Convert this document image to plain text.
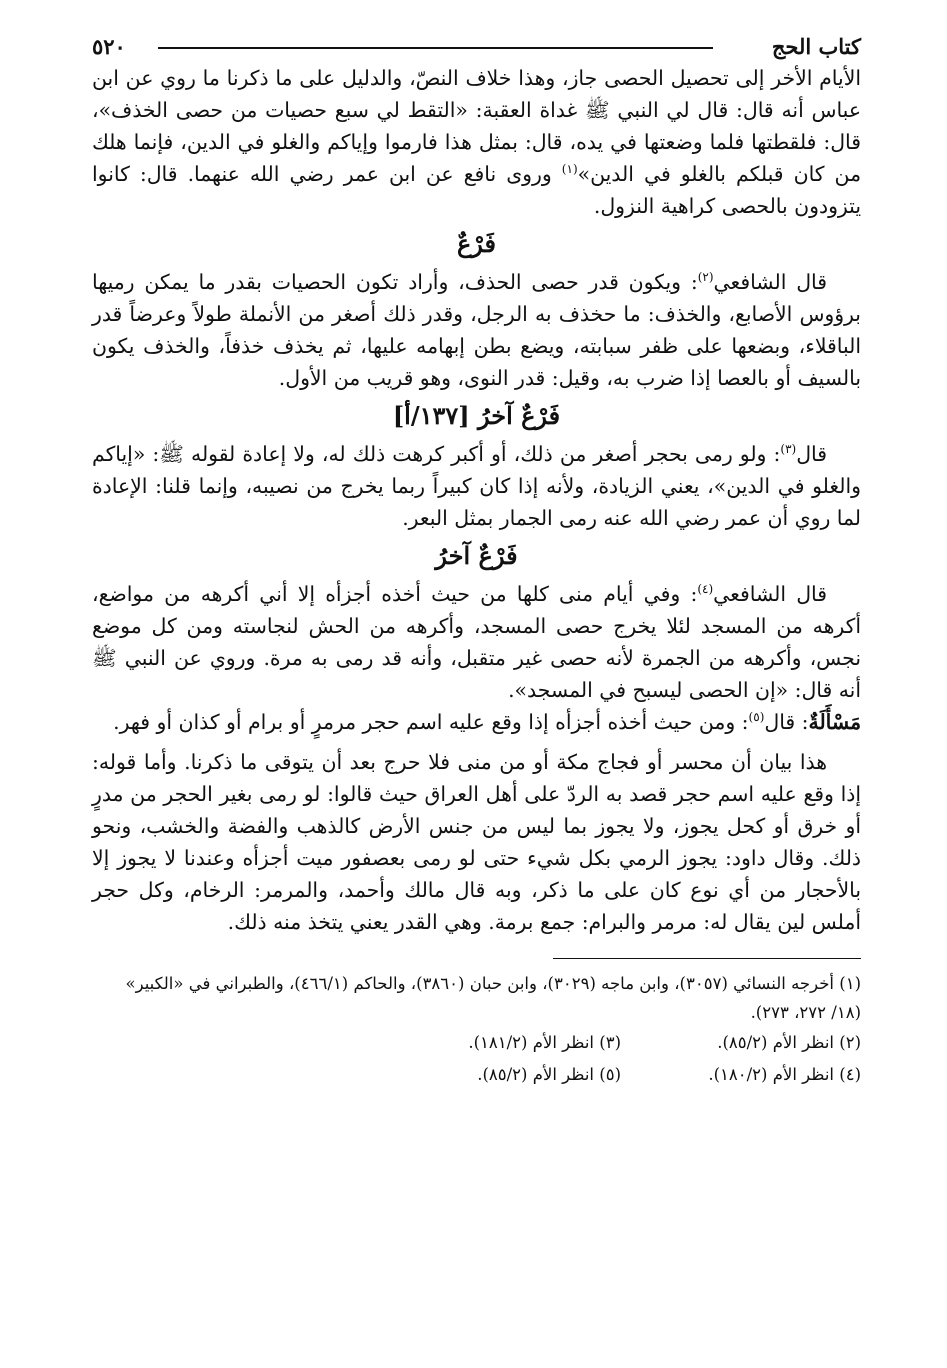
كتاب الحج
٥٢٠

الأيام الأخر إلى تحصيل الحصى جاز، وهذا خلاف النصّ، والدليل على ما ذكرنا ما روي عن ابن عباس أنه قال: قال لي النبي ﷺ غداة العقبة: «التقط لي سبع حصيات من حصى الخذف»، قال: فلقطتها فلما وضعتها في يده، قال: بمثل هذا فارموا وإياكم والغلو في الدين، فإنما هلك من كان قبلكم بالغلو في الدين»$^{(١)}$ وروى نافع عن ابن عمر رضي الله عنهما. قال: كانوا يتزودون بالحصى كراهية النزول.

فَرْعٌ

قال الشافعي$^{(٢)}$: ويكون قدر حصى الحذف، وأراد تكون الحصيات بقدر ما يمكن رميها برؤوس الأصابع، والخذف: ما حخذف به الرجل، وقدر ذلك أصغر من الأنملة طولاً وعرضاً قدر الباقلاء، وبضعها على ظفر سبابته، ويضع بطن إبهامه عليها، ثم يخذف خذفاً، والخذف يكون بالسيف أو بالعصا إذا ضرب به، وقيل: قدر النوى، وهو قريب من الأول.

فَرْعٌ آخرُ [١٣٧/أ]

قال$^{(٣)}$: ولو رمى بحجر أصغر من ذلك، أو أكبر كرهت ذلك له، ولا إعادة لقوله ﷺ: «إياكم والغلو في الدين»، يعني الزيادة، ولأنه إذا كان كبيراً ربما يخرج من نصيبه، وإنما قلنا: الإعادة لما روي أن عمر رضي الله عنه رمى الجمار بمثل البعر.

فَرْعٌ آخرُ

قال الشافعي$^{(٤)}$: وفي أيام منى كلها من حيث أخذه أجزأه إلا أني أكرهه من مواضع، أكرهه من المسجد لئلا يخرج حصى المسجد، وأكرهه من الحش لنجاسته ومن كل موضع نجس، وأكرهه من الجمرة لأنه حصى غير متقبل، وأنه قد رمى به مرة. وروي عن النبي ﷺ أنه قال: «إن الحصى ليسبح في المسجد».

مَسْأَلَةٌ: قال$^{(٥)}$: ومن حيث أخذه أجزأه إذا وقع عليه اسم حجر مرمرٍ أو برام أو كذان أو فهر.

هذا بيان أن محسر أو فجاج مكة أو من منى فلا حرج بعد أن يتوقى ما ذكرنا. وأما قوله: إذا وقع عليه اسم حجر قصد به الردّ على أهل العراق حيث قالوا: لو رمى بغير الحجر من مدرٍ أو خرق أو كحل يجوز، ولا يجوز بما ليس من جنس الأرض كالذهب والفضة والخشب، ونحو ذلك. وقال داود: يجوز الرمي بكل شيء حتى لو رمى بعصفور ميت أجزأه وعندنا لا يجوز إلا بالأحجار من أي نوع كان على ما ذكر، وبه قال مالك وأحمد، والمرمر: الرخام، وكل حجر أملس لين يقال له: مرمر والبرام: جمع برمة. وهي القدر يعني يتخذ منه ذلك.

(١) أخرجه النسائي (٣٠٥٧)، وابن ماجه (٣٠٢٩)، وابن حبان (٣٨٦٠)، والحاكم (٤٦٦/١)، والطبراني في «الكبير» (١٨/ ٢٧٢، ٢٧٣).

(٢) انظر الأم (٨٥/٢).
(٣) انظر الأم (١٨١/٢).
(٤) انظر الأم (١٨٠/٢).
(٥) انظر الأم (٨٥/٢).
